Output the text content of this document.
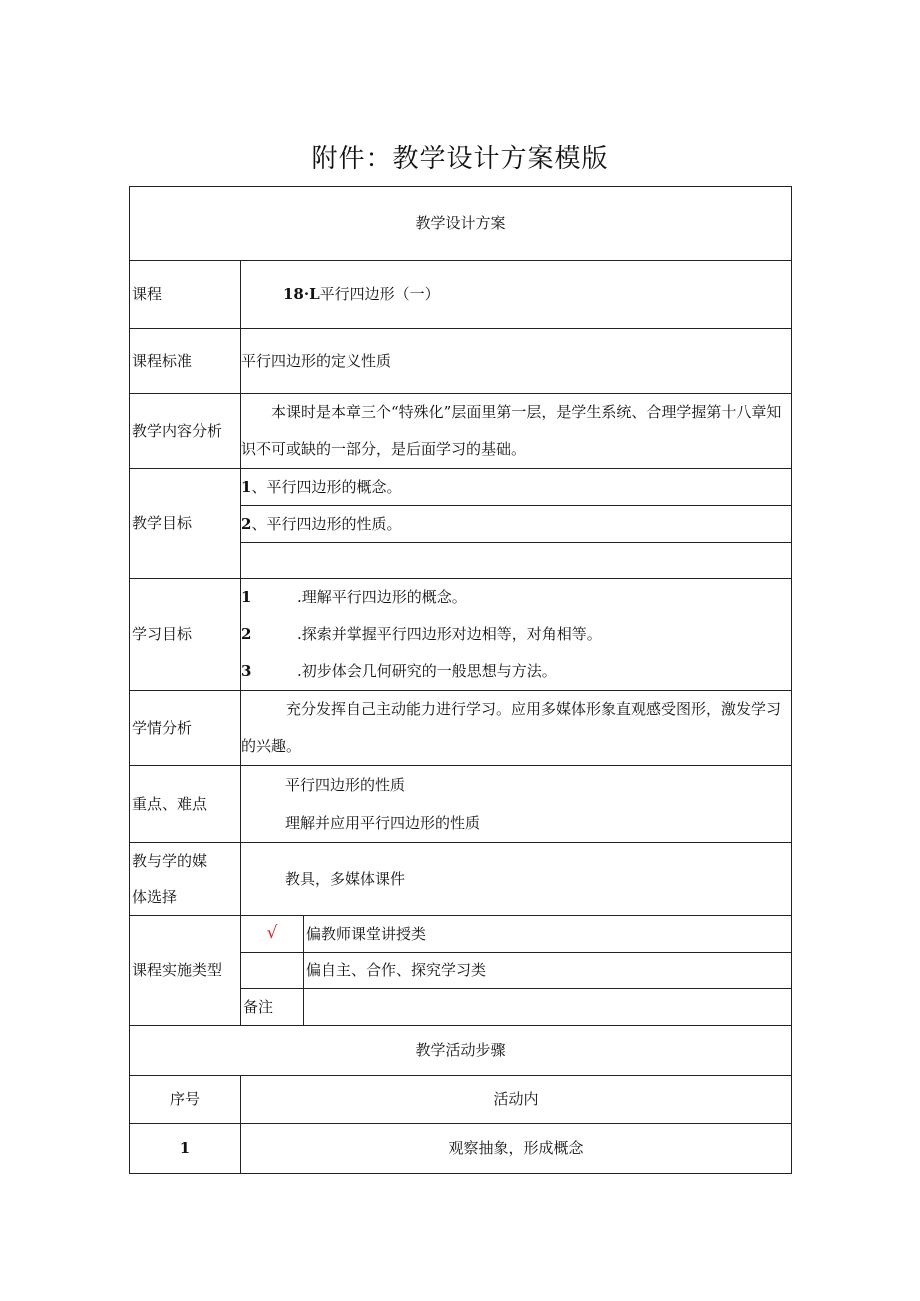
附件：教学设计方案模版
教学设计方案		
课程	18·L平行四边形（一）	
课程标准	平行四边形的定义性质	
教学内容分析	本课时是本章三个“特殊化”层面里第一层，是学生系统、合理学握第十八章知识不可或缺的一部分，是后面学习的基础。	
教学目标	1、平行四边形的概念。	
	2、平行四边形的性质。	

学习目标	1 .理解平行四边形的概念。
2 .探索并掌握平行四边形对边相等，对角相等。
3 .初步体会几何研究的一般思想与方法。	

学情分析	充分发挥自己主动能力进行学习。应用多媒体形象直观感受图形，激发学习的兴趣。	
重点、难点	平行四边形的性质
理解并应用平行四边形的性质	

教与学的媒
体选择	教具，多媒体课件	
课程实施类型	√	偏教师课堂讲授类
		偏自主、合作、探究学习类
	备注	
教学活动步骤		
序号	活动内	
1	观察抽象，形成概念	
